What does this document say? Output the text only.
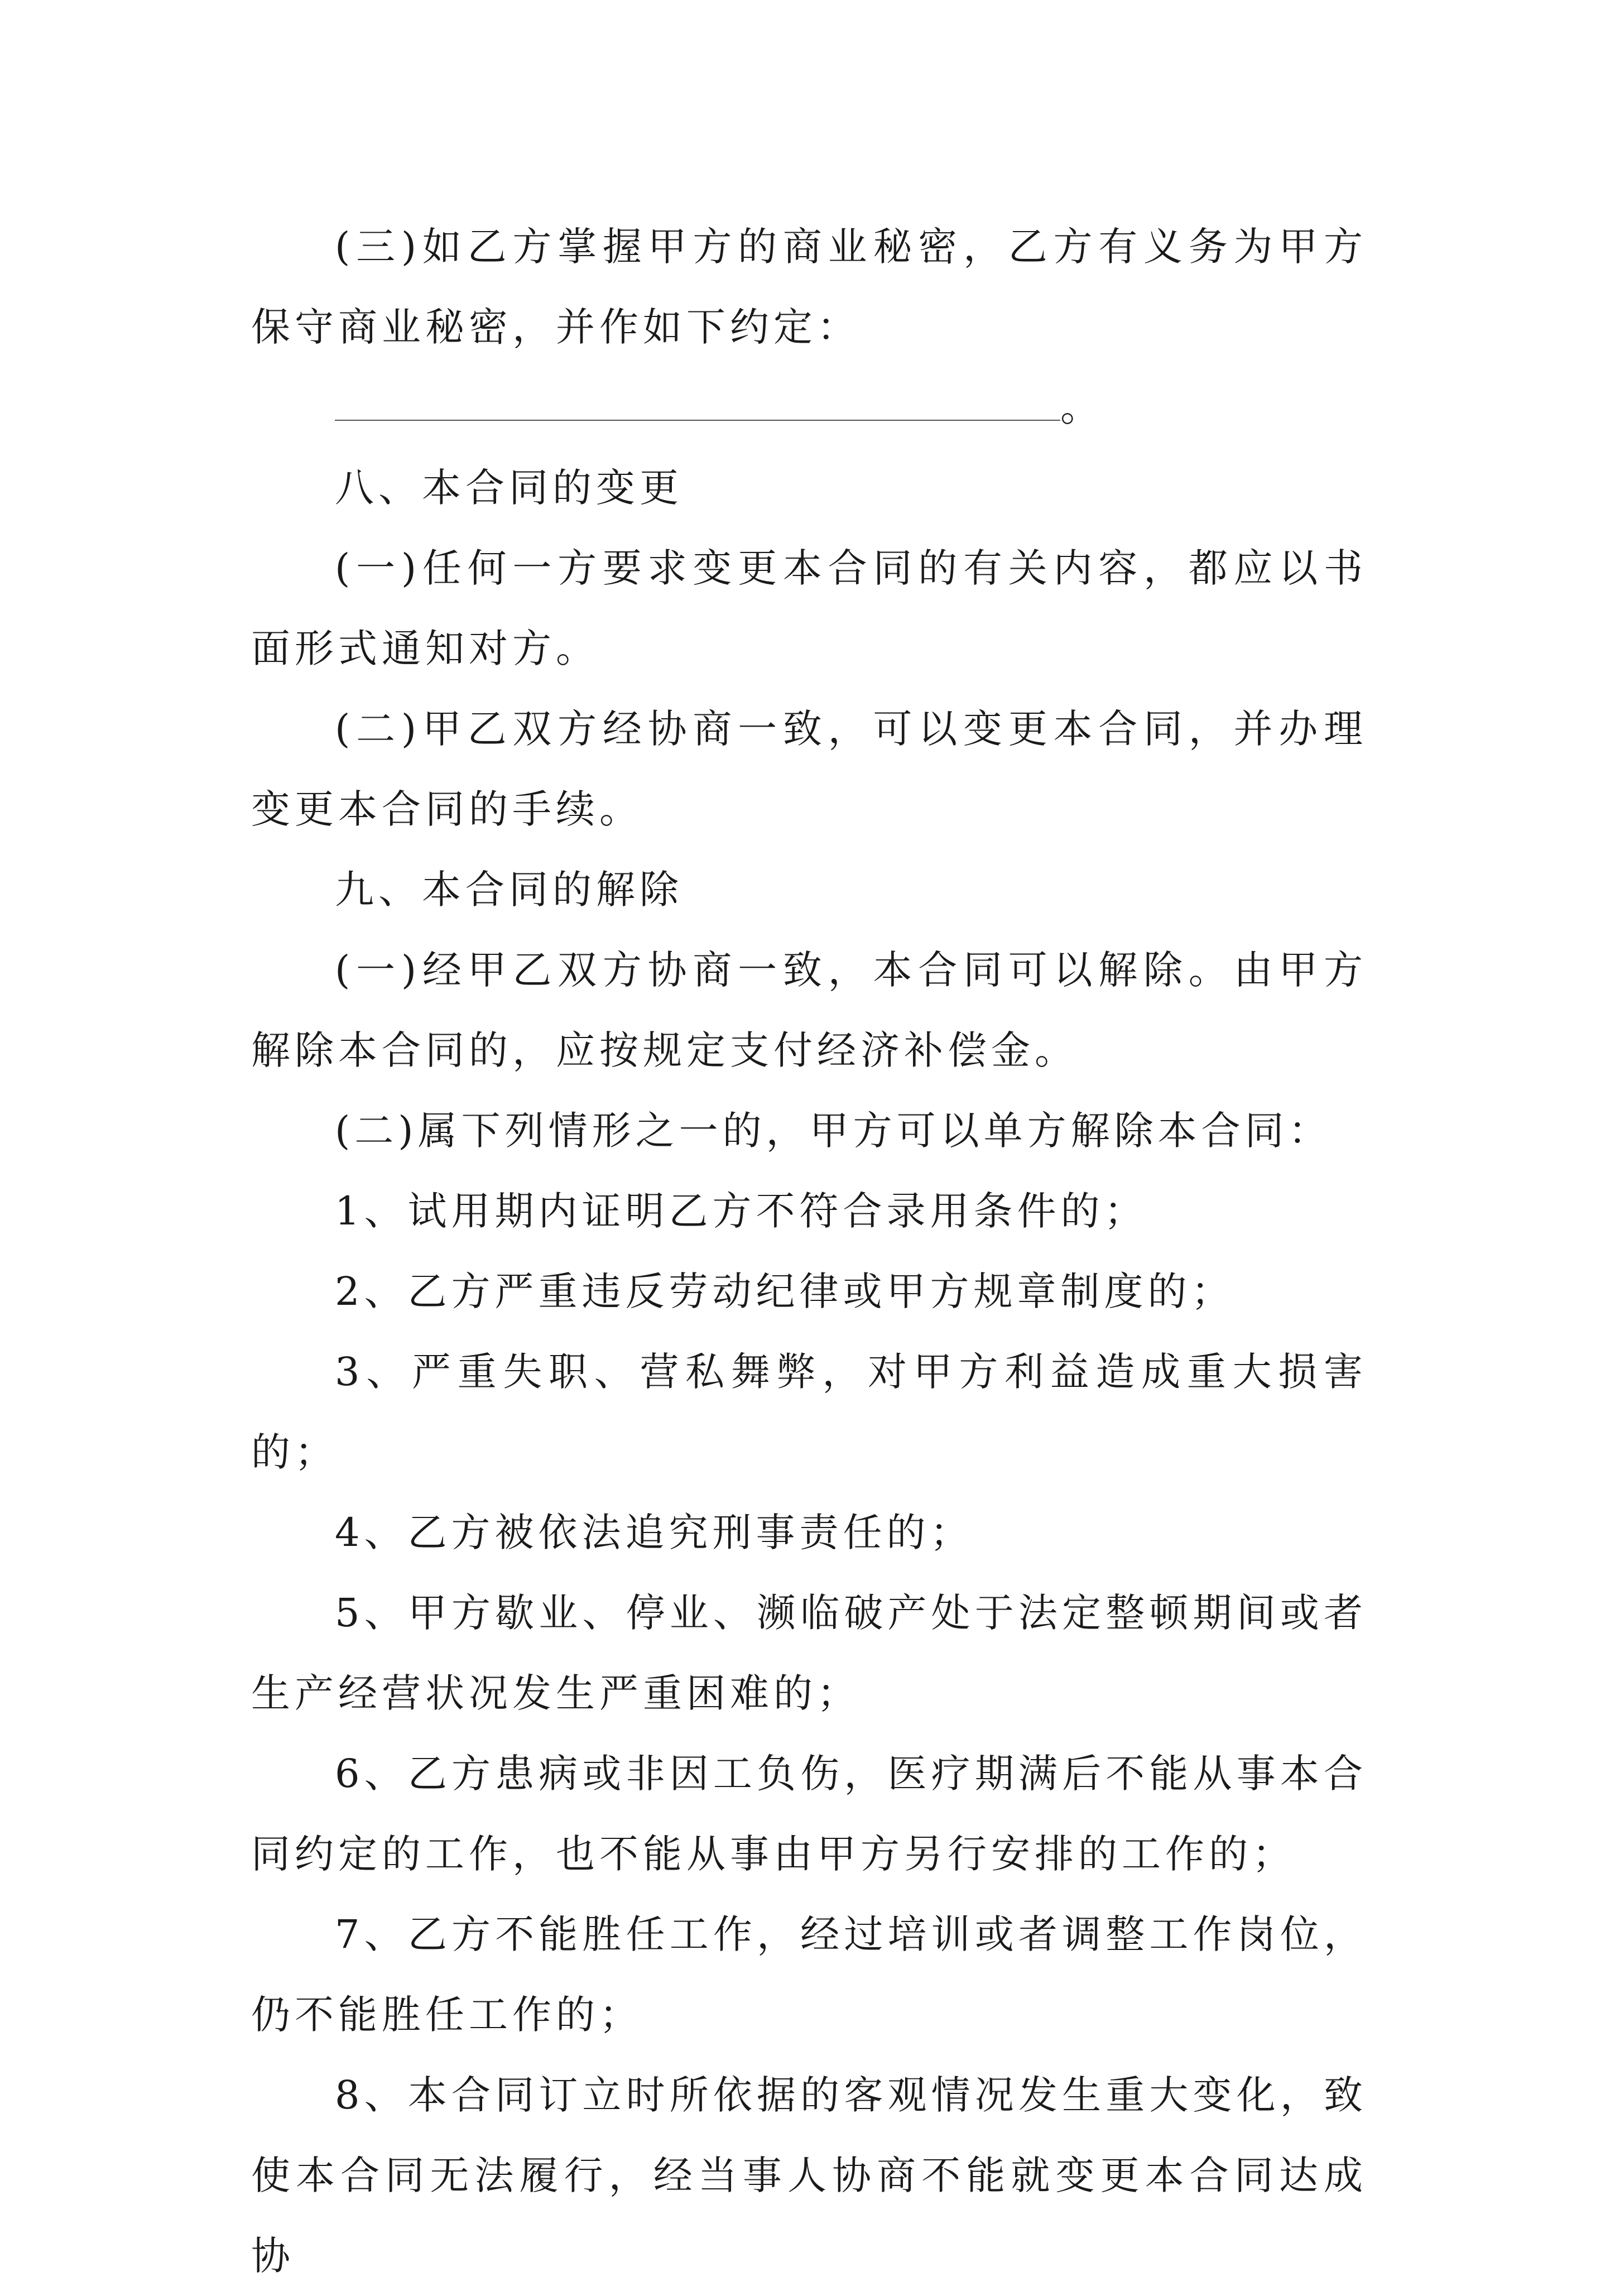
(三)如乙方掌握甲方的商业秘密，乙方有义务为甲方保守商业秘密，并作如下约定：

。

八、本合同的变更

(一)任何一方要求变更本合同的有关内容，都应以书面形式通知对方。

(二)甲乙双方经协商一致，可以变更本合同，并办理变更本合同的手续。

九、本合同的解除

(一)经甲乙双方协商一致，本合同可以解除。由甲方解除本合同的，应按规定支付经济补偿金。

(二)属下列情形之一的，甲方可以单方解除本合同：

1、试用期内证明乙方不符合录用条件的；

2、乙方严重违反劳动纪律或甲方规章制度的；

3、严重失职、营私舞弊，对甲方利益造成重大损害的；

4、乙方被依法追究刑事责任的；

5、甲方歇业、停业、濒临破产处于法定整顿期间或者生产经营状况发生严重困难的；

6、乙方患病或非因工负伤，医疗期满后不能从事本合同约定的工作，也不能从事由甲方另行安排的工作的；

7、乙方不能胜任工作，经过培训或者调整工作岗位，仍不能胜任工作的；

8、本合同订立时所依据的客观情况发生重大变化，致使本合同无法履行，经当事人协商不能就变更本合同达成协
